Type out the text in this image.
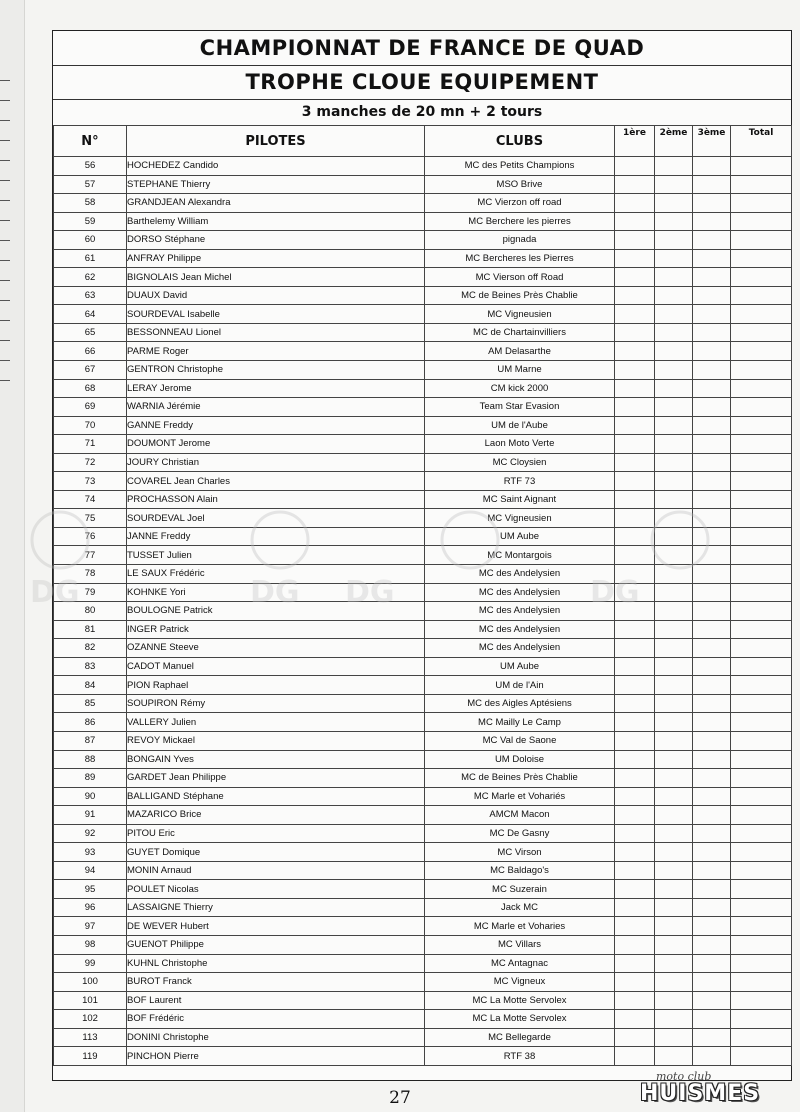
CHAMPIONNAT DE FRANCE DE QUAD
TROPHE CLOUE EQUIPEMENT
3 manches de 20 mn + 2 tours
N°	PILOTES	CLUBS	1ère	2ème	3ème	Total
56	HOCHEDEZ Candido	MC des Petits Champions				
57	STEPHANE Thierry	MSO Brive				
58	GRANDJEAN Alexandra	MC Vierzon off road				
59	Barthelemy William	MC Berchere les pierres				
60	DORSO Stéphane	pignada				
61	ANFRAY Philippe	MC Bercheres les Pierres				
62	BIGNOLAIS Jean Michel	MC Vierson off Road				
63	DUAUX David	MC de Beines Près Chablie				
64	SOURDEVAL Isabelle	MC Vigneusien				
65	BESSONNEAU Lionel	MC de Chartainvilliers				
66	PARME Roger	AM Delasarthe				
67	GENTRON Christophe	UM Marne				
68	LERAY Jerome	CM kick 2000				
69	WARNIA Jérémie	Team Star Evasion				
70	GANNE Freddy	UM de l'Aube				
71	DOUMONT Jerome	Laon Moto Verte				
72	JOURY Christian	MC Cloysien				
73	COVAREL Jean Charles	RTF 73				
74	PROCHASSON Alain	MC Saint Aignant				
75	SOURDEVAL Joel	MC Vigneusien				
76	JANNE Freddy	UM Aube				
77	TUSSET Julien	MC Montargois				
78	LE SAUX Frédéric	MC des Andelysien				
79	KOHNKE Yori	MC des Andelysien				
80	BOULOGNE Patrick	MC des Andelysien				
81	INGER Patrick	MC des Andelysien				
82	OZANNE Steeve	MC des Andelysien				
83	CADOT Manuel	UM Aube				
84	PION Raphael	UM de l'Ain				
85	SOUPIRON Rémy	MC des Aigles Aptésiens				
86	VALLERY Julien	MC Mailly Le Camp				
87	REVOY Mickael	MC Val de Saone				
88	BONGAIN Yves	UM Doloise				
89	GARDET Jean Philippe	MC de Beines Près Chablie				
90	BALLIGAND Stéphane	MC Marle et Vohariés				
91	MAZARICO Brice	AMCM Macon				
92	PITOU Eric	MC De Gasny				
93	GUYET Domique	MC Virson				
94	MONIN Arnaud	MC Baldago's				
95	POULET Nicolas	MC Suzerain				
96	LASSAIGNE Thierry	Jack MC				
97	DE WEVER Hubert	MC Marle et Voharies				
98	GUENOT Philippe	MC Villars				
99	KUHNL Christophe	MC Antagnac				
100	BUROT Franck	MC Vigneux				
101	BOF Laurent	MC La Motte Servolex				
102	BOF Frédéric	MC La Motte Servolex				
113	DONINI Christophe	MC Bellegarde				
119	PINCHON Pierre	RTF 38				
DG	DG DG	DG
27
moto club
HUISMES
